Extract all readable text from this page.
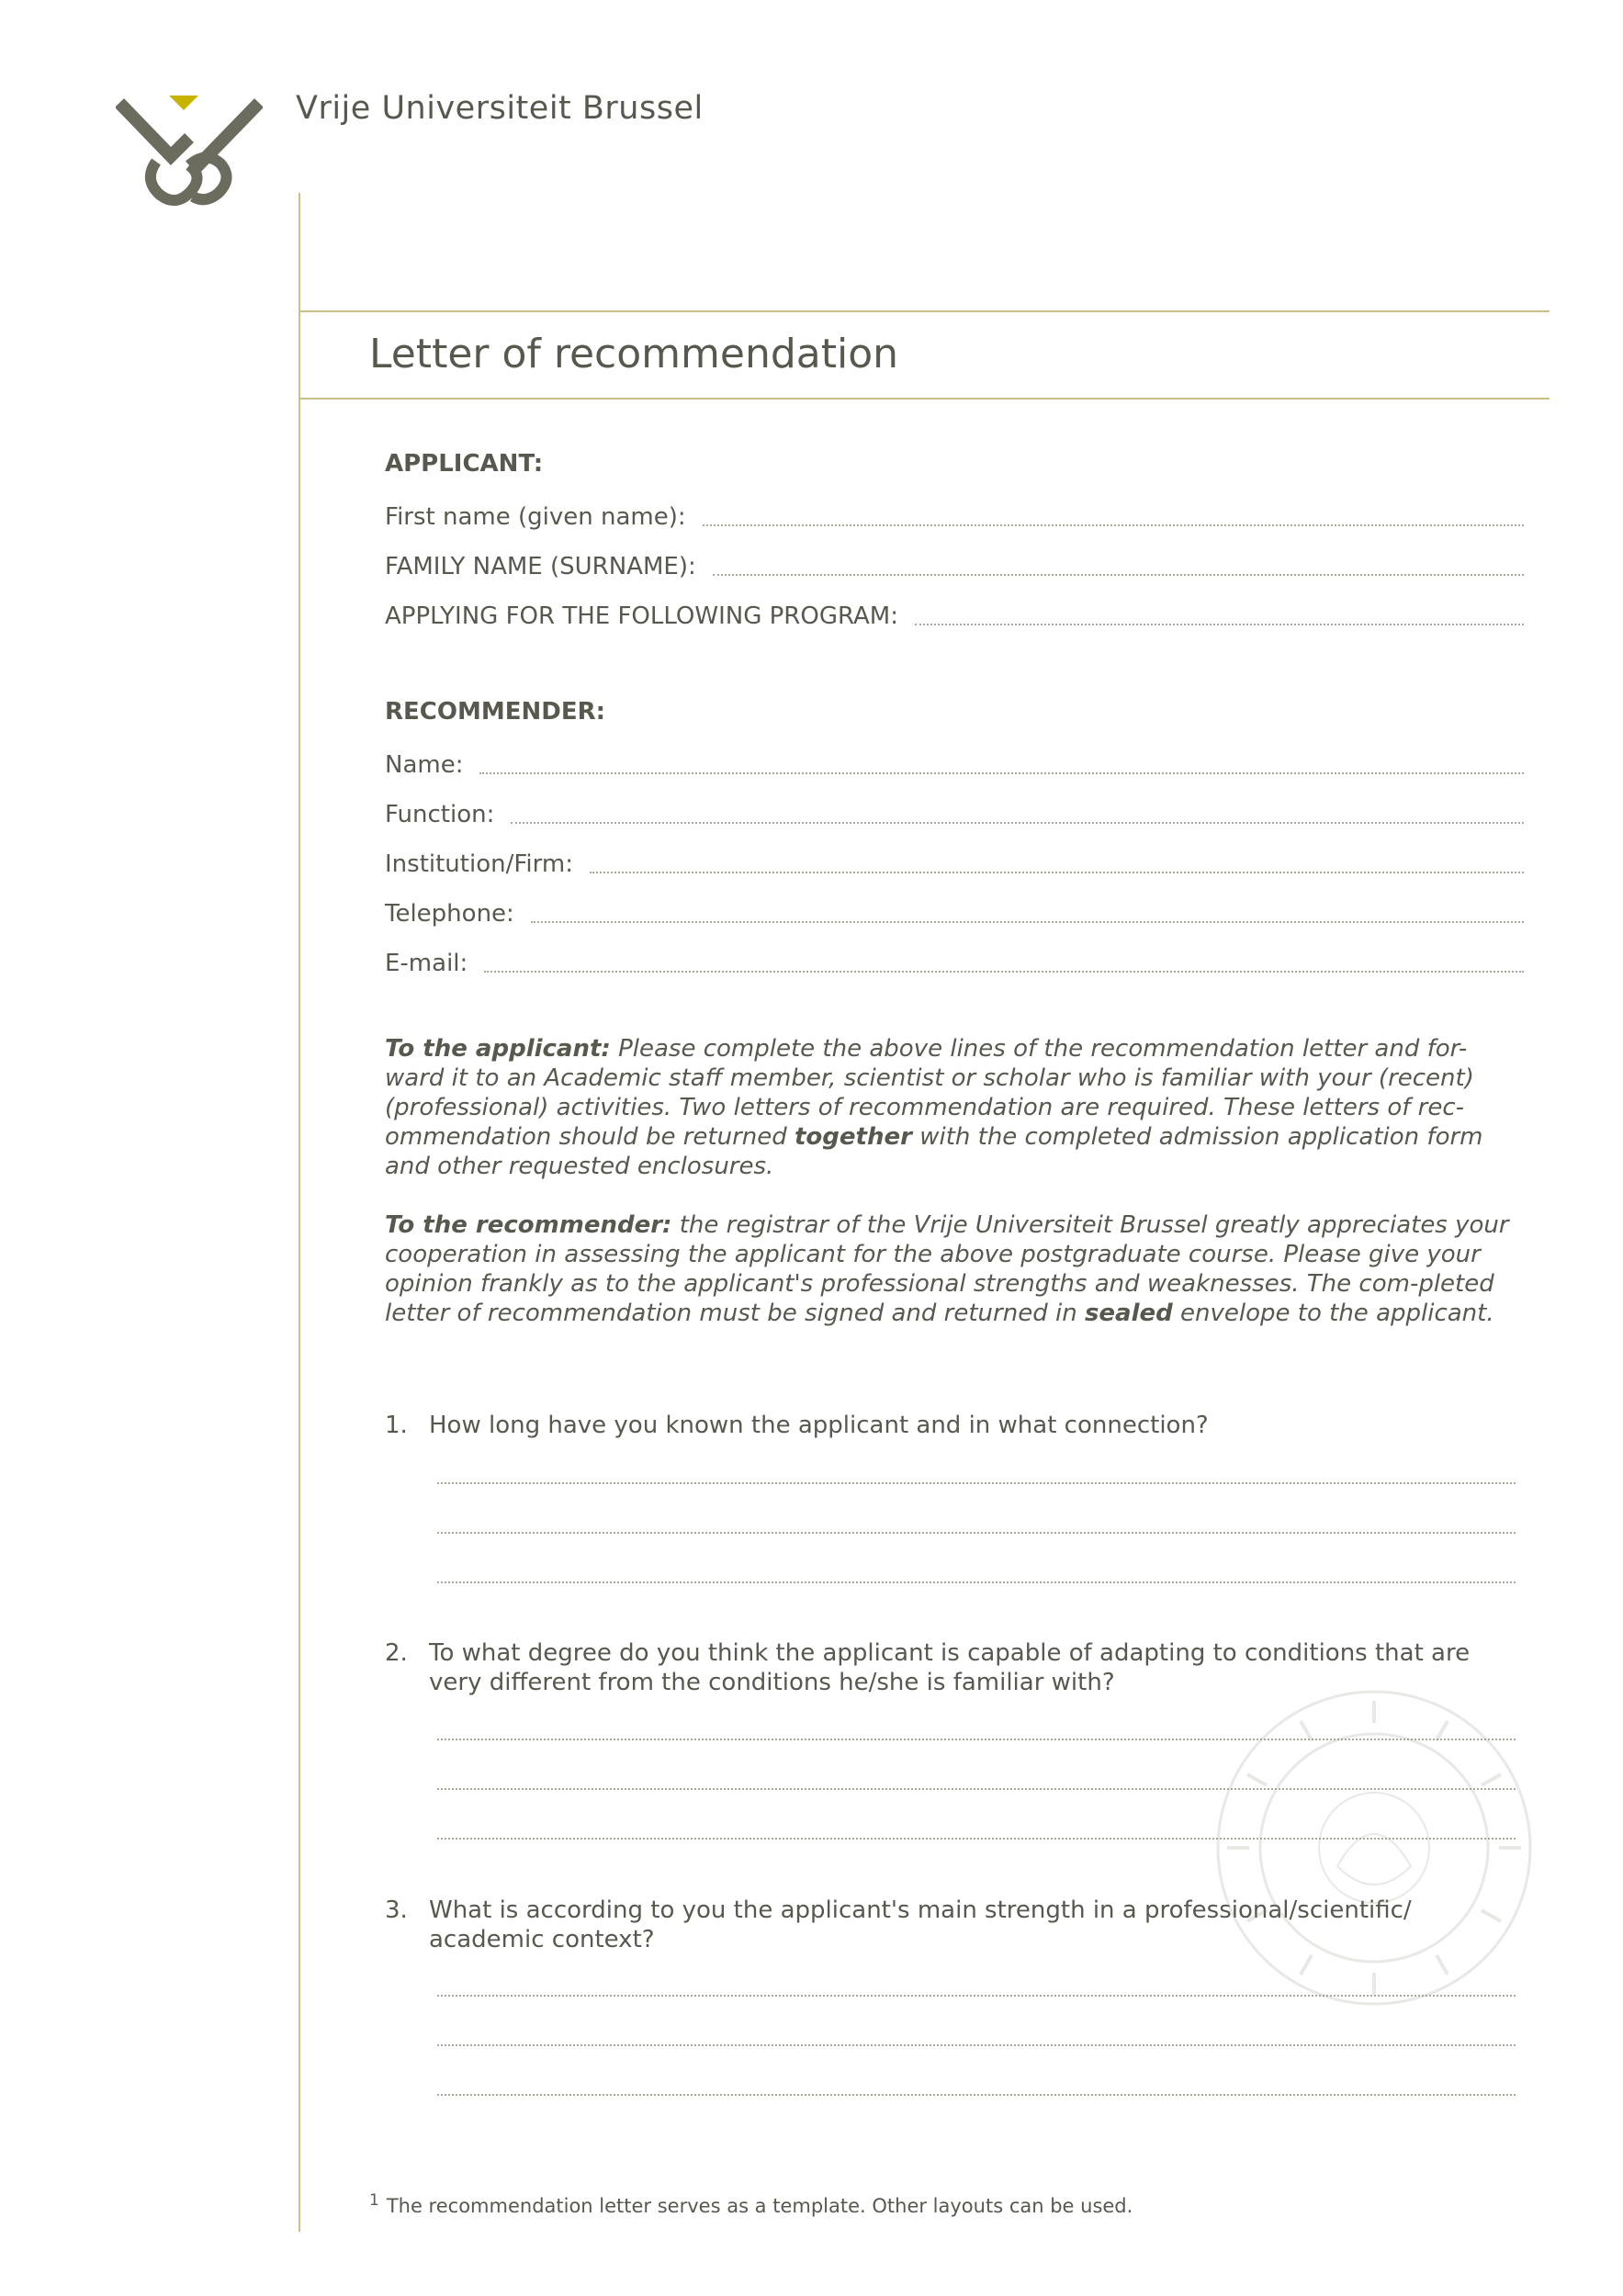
Vrije Universiteit Brussel
Letter of recommendation
APPLICANT:
First name (given name):
FAMILY NAME (SURNAME):
APPLYING FOR THE FOLLOWING PROGRAM:
RECOMMENDER:
Name:
Function:
Institution/Firm:
Telephone:
E-mail:

To the applicant: Please complete the above lines of the recommendation letter and for-ward it to an Academic staff member, scientist or scholar who is familiar with your (recent) (professional) activities. Two letters of recommendation are required. These letters of rec-ommendation should be returned together with the completed admission application form and other requested enclosures.

To the recommender: the registrar of the Vrije Universiteit Brussel greatly appreciates your cooperation in assessing the applicant for the above postgraduate course. Please give your opinion frankly as to the applicant's professional strengths and weaknesses. The com-pleted letter of recommendation must be signed and returned in sealed envelope to the applicant.

1. How long have you known the applicant and in what connection?
2. To what degree do you think the applicant is capable of adapting to conditions that are very different from the conditions he/she is familiar with?
3. What is according to you the applicant's main strength in a professional/scientific/ academic context?

1 The recommendation letter serves as a template. Other layouts can be used.
